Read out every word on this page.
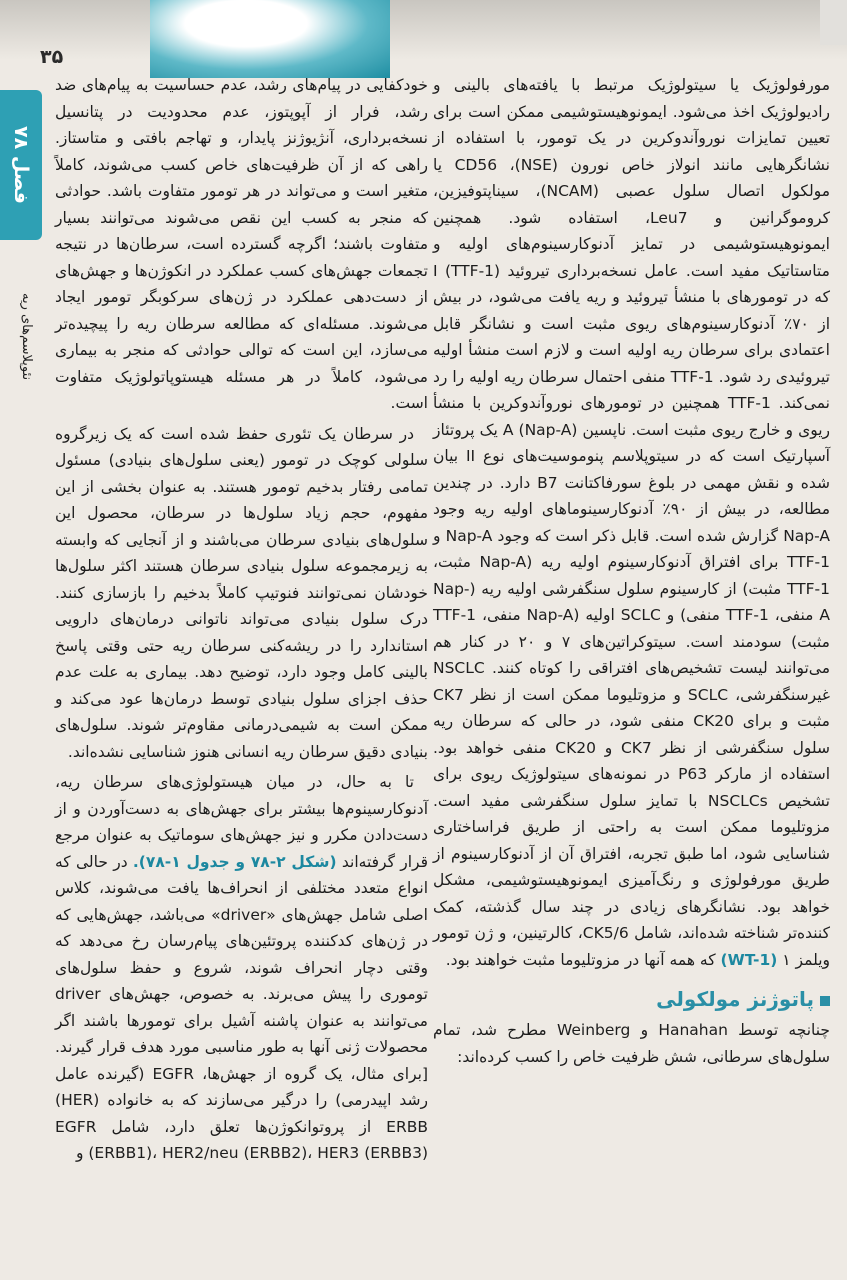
۳۵
فصل ۷۸
نئوپلاسم‌های ریه

مورفولوژیک یا سیتولوژیک مرتبط با یافته‌های بالینی و رادیولوژیک اخذ می‌شود. ایمونوهیستوشیمی ممکن است برای تعیین تمایزات نوروآندوکرین در یک تومور، با استفاده از نشانگرهایی مانند انولاز خاص نورون (NSE)، CD56 یا مولکول اتصال سلول عصبی (NCAM)، سیناپتوفیزین، کروموگرانین و Leu7، استفاده شود. همچنین ایمونوهیستوشیمی در تمایز آدنوکارسینوم‌های اولیه و متاستاتیک مفید است. عامل نسخه‌برداری تیروئید I (TTF-1) که در تومورهای با منشأ تیروئید و ریه یافت می‌شود، در بیش از ۷۰٪ آدنوکارسینوم‌های ریوی مثبت است و نشانگر قابل اعتمادی برای سرطان ریه اولیه است و لازم است منشأ اولیه تیروئیدی رد شود. TTF-1 منفی احتمال سرطان ریه اولیه را رد نمی‌کند. TTF-1 همچنین در تومورهای نوروآندوکرین با منشأ ریوی و خارج ریوی مثبت است. ناپسین A (Nap-A) یک پروتئاز آسپارتیک است که در سیتوپلاسم پنوموسیت‌های نوع II بیان شده و نقش مهمی در بلوغ سورفاکتانت B7 دارد. در چندین مطالعه، در بیش از ۹۰٪ آدنوکارسینوماهای اولیه ریه وجود Nap-A گزارش شده است. قابل ذکر است که وجود Nap-A و TTF-1 برای افتراق آدنوکارسینوم اولیه ریه (Nap-A مثبت، TTF-1 مثبت) از کارسینوم سلول سنگفرشی اولیه ریه (Nap-A منفی، TTF-1 منفی) و SCLC اولیه (Nap-A منفی، TTF-1 مثبت) سودمند است. سیتوکراتین‌های ۷ و ۲۰ در کنار هم می‌توانند لیست تشخیص‌های افتراقی را کوتاه کنند. NSCLC غیرسنگفرشی، SCLC و مزوتلیوما ممکن است از نظر CK7 مثبت و برای CK20 منفی شود، در حالی که سرطان ریه سلول سنگفرشی از نظر CK7 و CK20 منفی خواهد بود. استفاده از مارکر P63 در نمونه‌های سیتولوژیک ریوی برای تشخیص NSCLCs با تمایز سلول سنگفرشی مفید است. مزوتلیوما ممکن است به راحتی از طریق فراساختاری شناسایی شود، اما طبق تجربه، افتراق آن از آدنوکارسینوم از طریق مورفولوژی و رنگ‌آمیزی ایمونوهیستوشیمی، مشکل خواهد بود. نشانگرهای زیادی در چند سال گذشته، کمک کننده‌تر شناخته شده‌اند، شامل CK5/6، کالرتینین، و ژن تومور ویلمز ۱ (WT-1) که همه آنها در مزوتلیوما مثبت خواهند بود.

پاتوژنز مولکولی

چنانچه توسط Hanahan و Weinberg مطرح شد، تمام سلول‌های سرطانی، شش ظرفیت خاص را کسب کرده‌اند:

خودکفایی در پیام‌های رشد، عدم حساسیت به پیام‌های ضد رشد، فرار از آپوپتوز، عدم محدودیت در پتانسیل نسخه‌برداری، آنژیوژنز پایدار، و تهاجم بافتی و متاستاز. راهی که از آن ظرفیت‌های خاص کسب می‌شوند، کاملاً متغیر است و می‌تواند در هر تومور متفاوت باشد. حوادثی که منجر به کسب این نقص می‌شوند می‌توانند بسیار متفاوت باشند؛ اگرچه گسترده است، سرطان‌ها در نتیجه تجمعات جهش‌های کسب عملکرد در انکوژن‌ها و جهش‌های از دست‌دهی عملکرد در ژن‌های سرکوبگر تومور ایجاد می‌شوند. مسئله‌ای که مطالعه سرطان ریه را پیچیده‌تر می‌سازد، این است که توالی حوادثی که منجر به بیماری می‌شود، کاملاً در هر مسئله هیستوپاتولوژیک متفاوت است.

در سرطان یک تئوری حفظ شده است که یک زیرگروه سلولی کوچک در تومور (یعنی سلول‌های بنیادی) مسئول تمامی رفتار بدخیم تومور هستند. به عنوان بخشی از این مفهوم، حجم زیاد سلول‌ها در سرطان، محصول این سلول‌های بنیادی سرطان می‌باشند و از آنجایی که وابسته به زیرمجموعه سلول بنیادی سرطان هستند اکثر سلول‌ها خودشان نمی‌توانند فنوتیپ کاملاً بدخیم را بازسازی کنند. درک سلول بنیادی می‌تواند ناتوانی درمان‌های دارویی استاندارد را در ریشه‌کنی سرطان ریه حتی وقتی پاسخ بالینی کامل وجود دارد، توضیح دهد. بیماری به علت عدم حذف اجزای سلول بنیادی توسط درمان‌ها عود می‌کند و ممکن است به شیمی‌درمانی مقاوم‌تر شوند. سلول‌های بنیادی دقیق سرطان ریه انسانی هنوز شناسایی نشده‌اند.

تا به حال، در میان هیستولوژی‌های سرطان ریه، آدنوکارسینوم‌ها بیشتر برای جهش‌های به دست‌آوردن و از دست‌دادن مکرر و نیز جهش‌های سوماتیک به عنوان مرجع قرار گرفته‌اند (شکل ۲-۷۸ و جدول ۱-۷۸). در حالی که انواع متعدد مختلفی از انحراف‌ها یافت می‌شوند، کلاس اصلی شامل جهش‌های «driver» می‌باشد، جهش‌هایی که در ژن‌های کدکننده پروتئین‌های پیام‌رسان رخ می‌دهد که وقتی دچار انحراف شوند، شروع و حفظ سلول‌های توموری را پیش می‌برند. به خصوص، جهش‌های driver می‌توانند به عنوان پاشنه آشیل برای تومورها باشند اگر محصولات ژنی آنها به طور مناسبی مورد هدف قرار گیرند. [برای مثال، یک گروه از جهش‌ها، EGFR (گیرنده عامل رشد اپیدرمی) را درگیر می‌سازند که به خانواده (HER) ERBB از پروتوانکوژن‌ها تعلق دارد، شامل EGFR (ERBB1)، HER2/neu (ERBB2)، HER3 (ERBB3) و
